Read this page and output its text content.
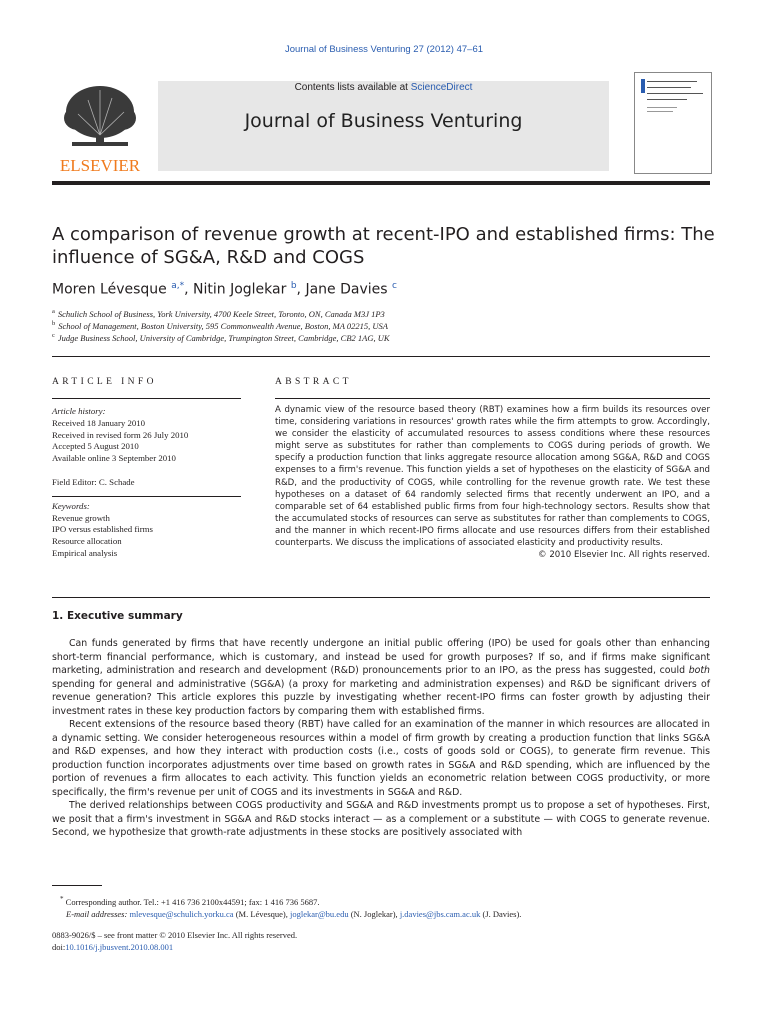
Journal of Business Venturing 27 (2012) 47–61
ELSEVIER
Contents lists available at ScienceDirect
Journal of Business Venturing
A comparison of revenue growth at recent-IPO and established firms: The influence of SG&A, R&D and COGS
Moren Lévesque $^{a,*}$, Nitin Joglekar $^b$, Jane Davies $^c$
$^a$ Schulich School of Business, York University, 4700 Keele Street, Toronto, ON, Canada M3J 1P3
$^b$ School of Management, Boston University, 595 Commonwealth Avenue, Boston, MA 02215, USA
$^c$ Judge Business School, University of Cambridge, Trumpington Street, Cambridge, CB2 1AG, UK
ARTICLE INFO	ABSTRACT
Article history:
Received 18 January 2010
Received in revised form 26 July 2010
Accepted 5 August 2010
Available online 3 September 2010
Field Editor: C. Schade
Keywords:
Revenue growth
IPO versus established firms
Resource allocation
Empirical analysis
A dynamic view of the resource based theory (RBT) examines how a firm builds its resources over time, considering variations in resources' growth rates while the firm attempts to grow. Accordingly, we consider the elasticity of accumulated resources to assess conditions where these resources might serve as substitutes for rather than complements to COGS during periods of growth. We specify a production function that links aggregate resource allocation among SG&A, R&D and COGS expenses to a firm's revenue. This function yields a set of hypotheses on the elasticity of SG&A and R&D, and the productivity of COGS, while controlling for the revenue growth rate. We test these hypotheses on a dataset of 64 randomly selected firms that recently underwent an IPO, and a comparable set of 64 established public firms from four high-technology sectors. Results show that the accumulated stocks of resources can serve as substitutes for rather than complements to COGS, and the manner in which recent-IPO firms allocate and use resources differs from their established counterparts. We discuss the implications of associated elasticity and productivity results.
© 2010 Elsevier Inc. All rights reserved.
1. Executive summary

Can funds generated by firms that have recently undergone an initial public offering (IPO) be used for goals other than enhancing short-term financial performance, which is customary, and instead be used for growth purposes? If so, and if firms make significant marketing, administration and research and development (R&D) pronouncements prior to an IPO, as the press has suggested, could both spending for general and administrative (SG&A) (a proxy for marketing and administration expenses) and R&D be significant drivers of revenue generation? This article explores this puzzle by investigating whether recent-IPO firms can foster growth by adjusting their investment rates in these key production factors by comparing them with established firms.

Recent extensions of the resource based theory (RBT) have called for an examination of the manner in which resources are allocated in a dynamic setting. We consider heterogeneous resources within a model of firm growth by creating a production function that links SG&A and R&D expenses, and how they interact with production costs (i.e., costs of goods sold or COGS), to generate firm revenue. This production function incorporates adjustments over time based on growth rates in SG&A and R&D spending, which are influenced by the portion of revenues a firm allocates to each activity. This function yields an econometric relation between COGS productivity, or more specifically, the firm's revenue per unit of COGS and its investments in SG&A and R&D.

The derived relationships between COGS productivity and SG&A and R&D investments prompt us to propose a set of hypotheses. First, we posit that a firm's investment in SG&A and R&D stocks interact — as a complement or a substitute — with COGS to generate revenue. Second, we hypothesize that growth-rate adjustments in these stocks are positively associated with

* Corresponding author. Tel.: +1 416 736 2100x44591; fax: 1 416 736 5687.
E-mail addresses: mlevesque@schulich.yorku.ca (M. Lévesque), joglekar@bu.edu (N. Joglekar), j.davies@jbs.cam.ac.uk (J. Davies).
0883-9026/$ – see front matter © 2010 Elsevier Inc. All rights reserved.
doi:10.1016/j.jbusvent.2010.08.001
